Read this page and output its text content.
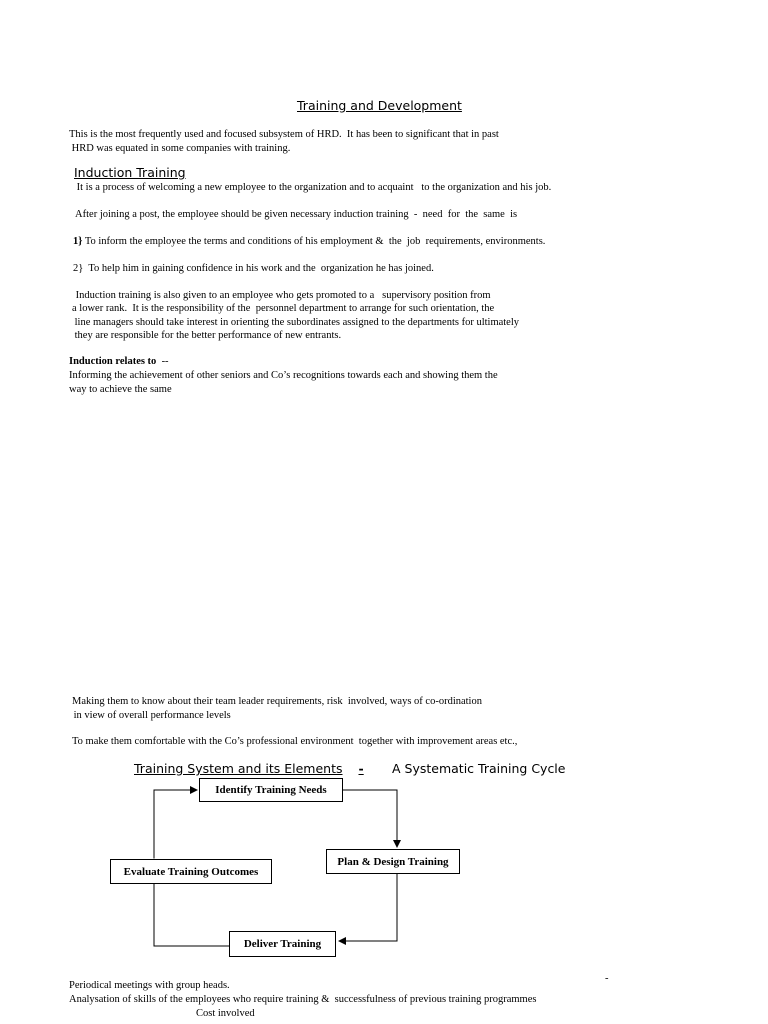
Training and Development
This is the most frequently used and focused subsystem of HRD.  It has been to significant that in past
HRD was equated in some companies with training.
Induction Training
It is a process of welcoming a new employee to the organization and to acquaint   to the organization and his job.
After joining a post, the employee should be given necessary induction training  -  need  for  the  same  is
1} To inform the employee the terms and conditions of his employment &  the  job  requirements, environments.
2}  To help him in gaining confidence in his work and the  organization he has joined.
Induction training is also given to an employee who gets promoted to a   supervisory position from
a lower rank.  It is the responsibility of the  personnel department to arrange for such orientation, the
line managers should take interest in orienting the subordinates assigned to the departments for ultimately
they are responsible for the better performance of new entrants.
Induction relates to  --
Informing the achievement of other seniors and Co’s recognitions towards each and showing them the
way to achieve the same
Making them to know about their team leader requirements, risk  involved, ways of co-ordination
in view of overall performance levels
To make them comfortable with the Co’s professional environment  together with improvement areas etc.,
Training System and its Elements - A Systematic Training Cycle
Identify Training Needs
Plan & Design Training
Evaluate Training Outcomes
Deliver Training
Periodical meetings with group heads.
-
Analysation of skills of the employees who require training &  successfulness of previous training programmes
Cost involved
